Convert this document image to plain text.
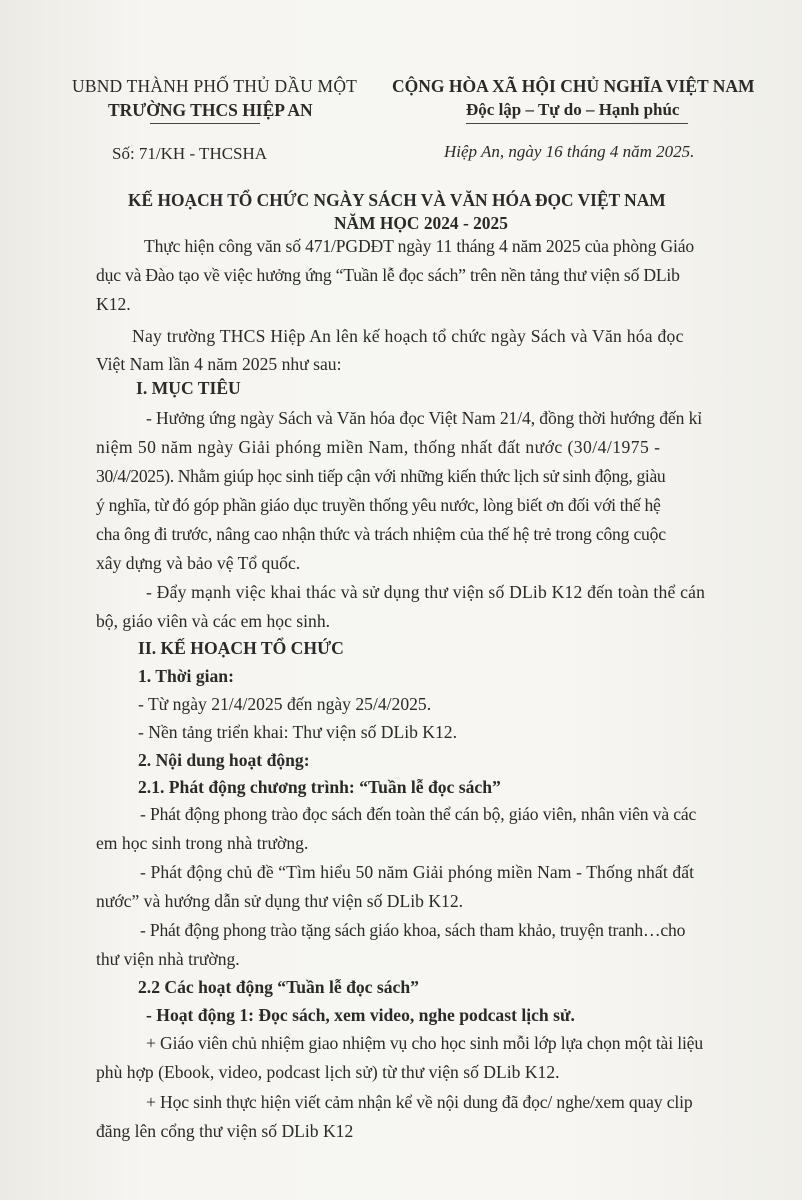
UBND THÀNH PHỐ THỦ DẦU MỘT
TRƯỜNG THCS HIỆP AN
CỘNG HÒA XÃ HỘI CHỦ NGHĨA VIỆT NAM
Độc lập – Tự do – Hạnh phúc
Số: 71/KH - THCSHA	Hiệp An, ngày 16 tháng 4 năm 2025.
KẾ HOẠCH TỔ CHỨC NGÀY SÁCH VÀ VĂN HÓA ĐỌC VIỆT NAM
NĂM HỌC 2024 - 2025
Thực hiện công văn số 471/PGDĐT ngày 11 tháng 4 năm 2025 của phòng Giáo
dục và Đào tạo về việc hưởng ứng “Tuần lễ đọc sách” trên nền tảng thư viện số DLib
K12.
Nay trường THCS Hiệp An lên kế hoạch tổ chức ngày Sách và Văn hóa đọc
Việt Nam lần 4 năm 2025 như sau:
I. MỤC TIÊU
- Hưởng ứng ngày Sách và Văn hóa đọc Việt Nam 21/4, đồng thời hướng đến kỉ
niệm 50 năm ngày Giải phóng miền Nam, thống nhất đất nước (30/4/1975 -
30/4/2025). Nhằm giúp học sinh tiếp cận với những kiến thức lịch sử sinh động, giàu
ý nghĩa, từ đó góp phần giáo dục truyền thống yêu nước, lòng biết ơn đối với thế hệ
cha ông đi trước, nâng cao nhận thức và trách nhiệm của thế hệ trẻ trong công cuộc
xây dựng và bảo vệ Tổ quốc.
- Đẩy mạnh việc khai thác và sử dụng thư viện số DLib K12 đến toàn thể cán
bộ, giáo viên và các em học sinh.
II. KẾ HOẠCH TỔ CHỨC
1. Thời gian:
- Từ ngày 21/4/2025 đến ngày 25/4/2025.
- Nền tảng triển khai: Thư viện số DLib K12.
2. Nội dung hoạt động:
2.1. Phát động chương trình: “Tuần lễ đọc sách”
- Phát động phong trào đọc sách đến toàn thể cán bộ, giáo viên, nhân viên và các
em học sinh trong nhà trường.
- Phát động chủ đề “Tìm hiểu 50 năm Giải phóng miền Nam - Thống nhất đất
nước” và hướng dẫn sử dụng thư viện số DLib K12.
- Phát động phong trào tặng sách giáo khoa, sách tham khảo, truyện tranh…cho
thư viện nhà trường.
2.2 Các hoạt động “Tuần lễ đọc sách”
- Hoạt động 1: Đọc sách, xem video, nghe podcast lịch sử.
+ Giáo viên chủ nhiệm giao nhiệm vụ cho học sinh mỗi lớp lựa chọn một tài liệu
phù hợp (Ebook, video, podcast lịch sử) từ thư viện số DLib K12.
+ Học sinh thực hiện viết cảm nhận kể về nội dung đã đọc/ nghe/xem quay clip
đăng lên cổng thư viện số DLib K12
